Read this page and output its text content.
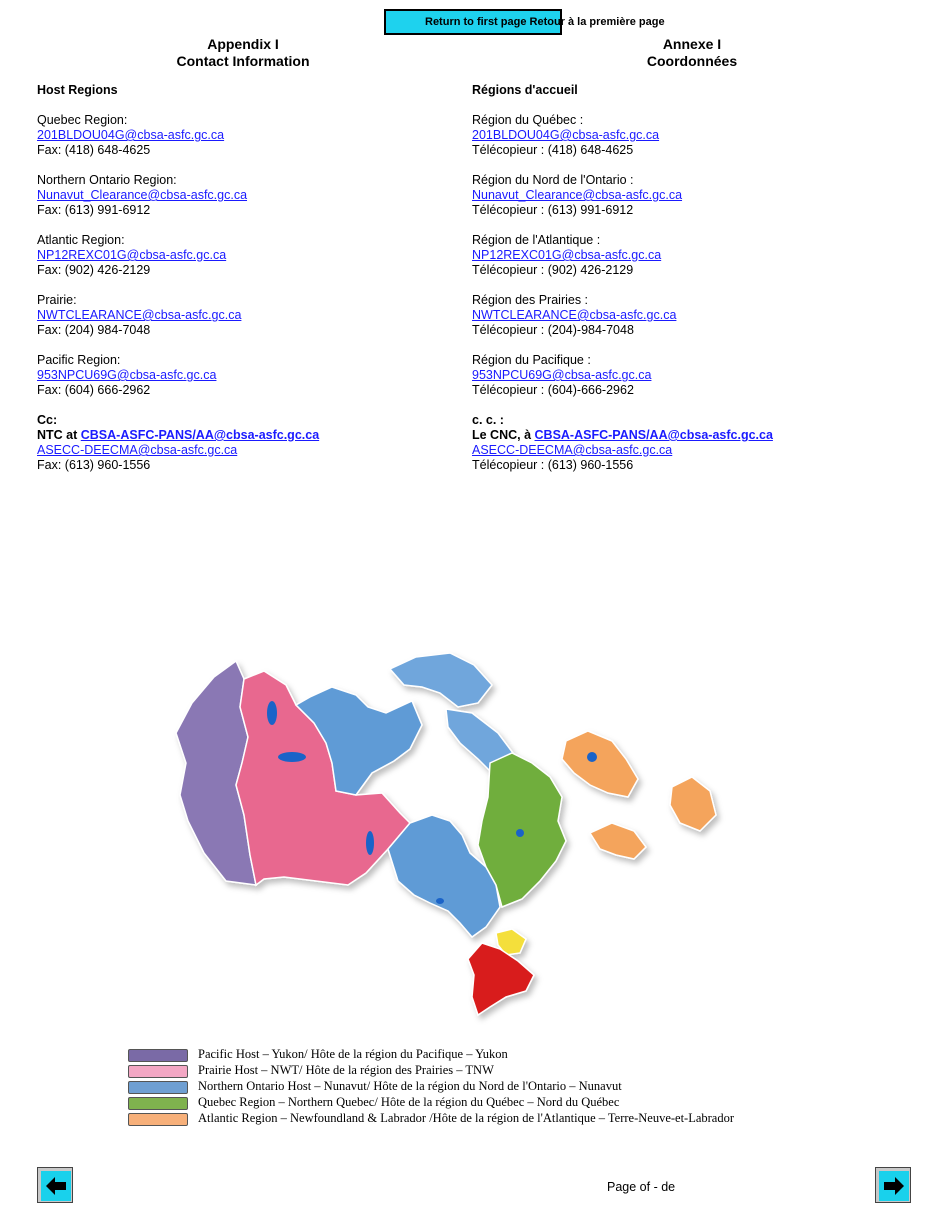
Return to first page Retour à la première page
Appendix I
Contact Information
Annexe I
Coordonnées
Host Regions
Quebec Region:
201BLDOU04G@cbsa-asfc.gc.ca
Fax: (418) 648-4625
Northern Ontario Region:
Nunavut_Clearance@cbsa-asfc.gc.ca
Fax: (613) 991-6912
Atlantic Region:
NP12REXC01G@cbsa-asfc.gc.ca
Fax: (902) 426-2129
Prairie:
NWTCLEARANCE@cbsa-asfc.gc.ca
Fax: (204) 984-7048
Pacific Region:
953NPCU69G@cbsa-asfc.gc.ca
Fax: (604) 666-2962
Cc:
NTC at CBSA-ASFC-PANS/AA@cbsa-asfc.gc.ca
ASECC-DEECMA@cbsa-asfc.gc.ca
Fax: (613) 960-1556
Régions d'accueil
Région du Québec :
201BLDOU04G@cbsa-asfc.gc.ca
Télécopieur : (418) 648-4625
Région du Nord de l'Ontario :
Nunavut_Clearance@cbsa-asfc.gc.ca
Télécopieur : (613) 991-6912
Région de l'Atlantique :
NP12REXC01G@cbsa-asfc.gc.ca
Télécopieur : (902) 426-2129
Région des Prairies :
NWTCLEARANCE@cbsa-asfc.gc.ca
Télécopieur : (204)-984-7048
Région du Pacifique :
953NPCU69G@cbsa-asfc.gc.ca
Télécopieur : (604)-666-2962
c. c. :
Le CNC, à CBSA-ASFC-PANS/AA@cbsa-asfc.gc.ca
ASECC-DEECMA@cbsa-asfc.gc.ca
Télécopieur : (613) 960-1556
Pacific Host – Yukon/ Hôte de la région du Pacifique – Yukon
Prairie Host – NWT/ Hôte de la région des Prairies – TNW
Northern Ontario Host – Nunavut/ Hôte de la région du Nord de l'Ontario – Nunavut
Quebec Region – Northern Quebec/ Hôte de la région du Québec – Nord du Québec
Atlantic Region – Newfoundland & Labrador /Hôte de la région de l'Atlantique – Terre-Neuve-et-Labrador
Page of - de
